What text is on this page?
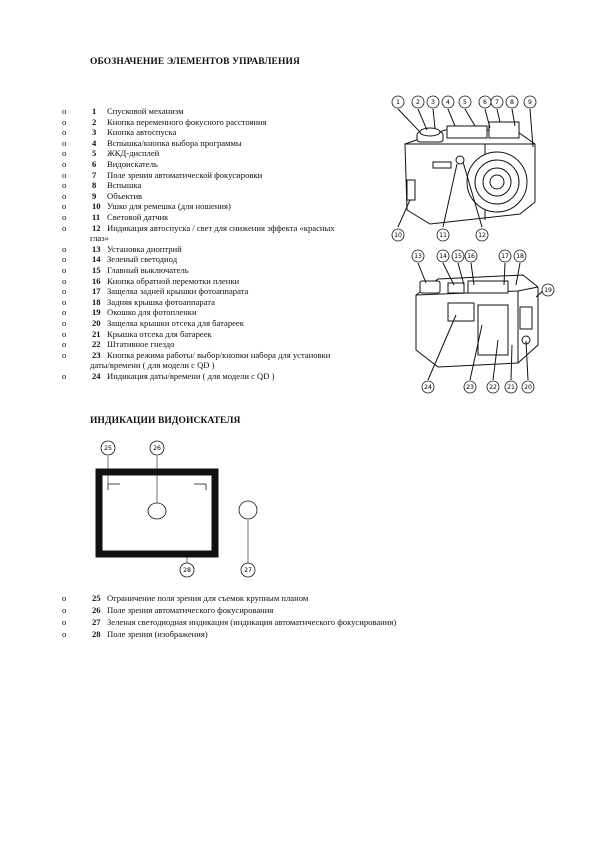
ОБОЗНАЧЕНИЕ ЭЛЕМЕНТОВ УПРАВЛЕНИЯ
o	1 Спусковой механизм
o	2 Кнопка переменного фокусного расстояния
o	3 Кнопка автоспуска
o	4 Вспышка/кнопка выбора программы
o	5 ЖКД-дисплей
o	6 Видоискатель
o	7 Поле зрения автоматической фокусировки
o	8 Вспышка
o	9 Объектив
o	10 Ушко для ремешка (для ношения)
o	11 Световой датчик
o	12 Индикация автоспуска / свет для снижения эффекта «красных
глаз»
o	13 Установка диоптрий
o	14 Зеленый светодиод
o	15 Главный выключатель
o	16 Кнопка обратной перемотки пленки
o	17 Защелка задней крышки фотоаппарата
o	18 Задняя крышка фотоаппарата
o	19 Окошко для фотопленки
o	20 Защелка крышки отсека для батареек
o	21 Крышка отсека для батареек
o	22 Штативное гнездо
o	23 Кнопка режима работы/ выбор/кнопки набора для установки
даты/времени ( для модели с QD )
o	24 Индикация даты/времени ( для модели с QD )
1	2 3 4 5	6 7 8 9
10	11	12
13	14 15 16	17 18
19
24	23 22 21 20
ИНДИКАЦИИ ВИДОИСКАТЕЛЯ
25	26
28	27
o	25 Ограничение поля зрения для съемок крупным планом
o	26 Поле зрения автоматического фокусирования
o	27 Зеленая светодиодная индикация (индикация автоматического фокусирования)
o	28 Поле зрения (изображения)
